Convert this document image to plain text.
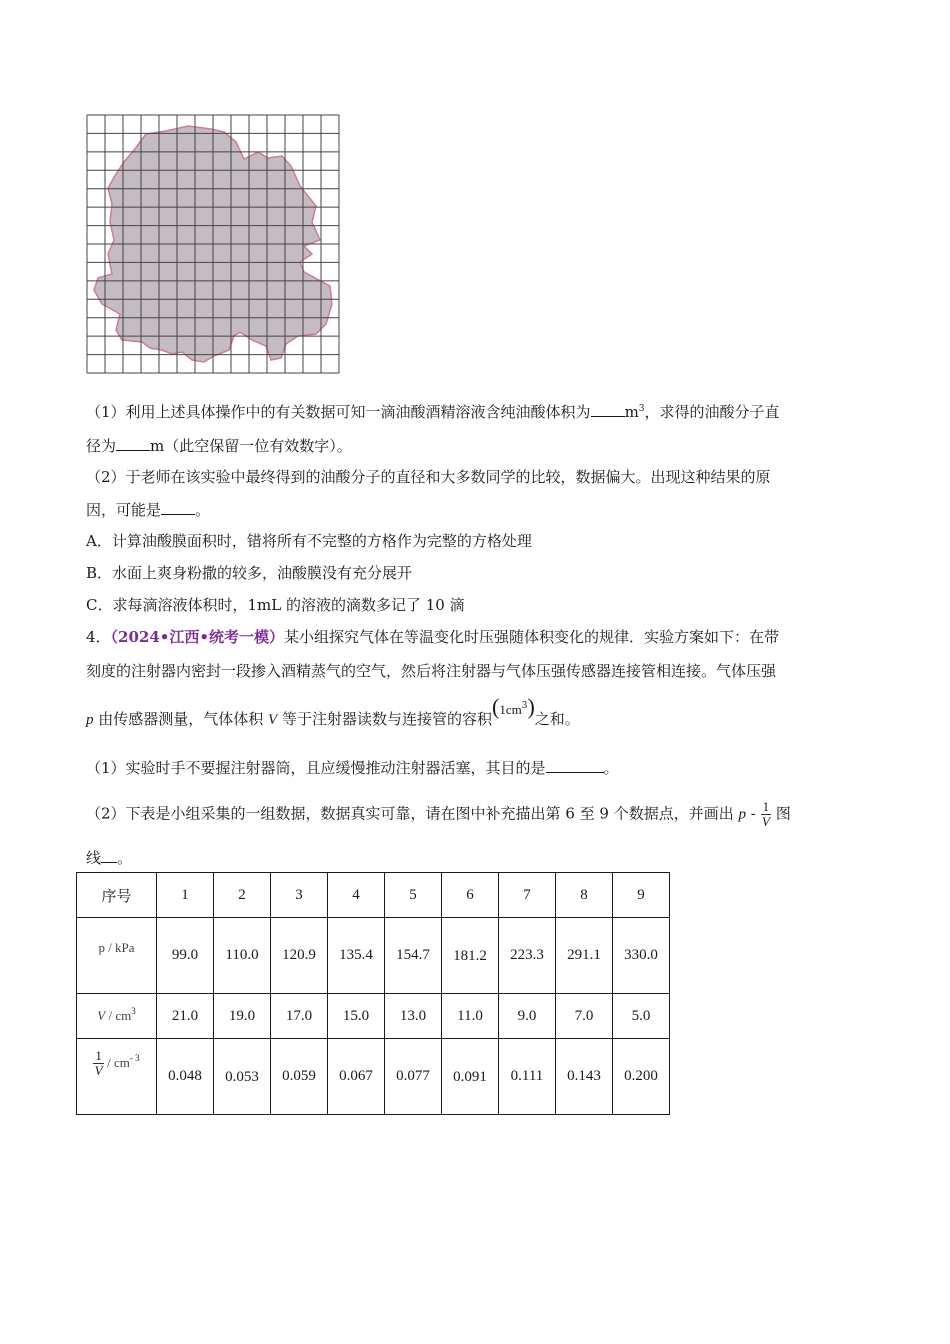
（1）利用上述具体操作中的有关数据可知一滴油酸酒精溶液含纯油酸体积为 $m^3$，求得的油酸分子直
径为 m（此空保留一位有效数字）。
（2）于老师在该实验中最终得到的油酸分子的直径和大多数同学的比较，数据偏大。出现这种结果的原
因，可能是 。
A．计算油酸膜面积时，错将所有不完整的方格作为完整的方格处理
B．水面上爽身粉撒的较多，油酸膜没有充分展开
C．求每滴溶液体积时，1mL 的溶液的滴数多记了 10 滴
4．（2024•江西•统考一模）某小组探究气体在等温变化时压强随体积变化的规律．实验方案如下：在带
刻度的注射器内密封一段掺入酒精蒸气的空气，然后将注射器与气体压强传感器连接管相连接。气体压强
p 由传感器测量，气体体积 V 等于注射器读数与连接管的容积$(1cm^3)$之和。
（1）实验时手不要握注射器筒，且应缓慢推动注射器活塞，其目的是	。
（2）下表是小组采集的一组数据，数据真实可靠，请在图中补充描出第 6 至 9 个数据点，并画出 p - $\frac{1}{V}$ 图
线 。
序号	1	2	3	4	5	6	7	8	9
p / kPa	99.0	110.0	120.9	135.4	154.7	181.2	223.3	291.1	330.0
V / $cm^3$	21.0	19.0	17.0	15.0	13.0	11.0	9.0	7.0	5.0

$\frac{1}{V} / cm^{- 3}$	0.048	0.053	0.059	0.067	0.077	0.091	0.111	0.143	0.200
